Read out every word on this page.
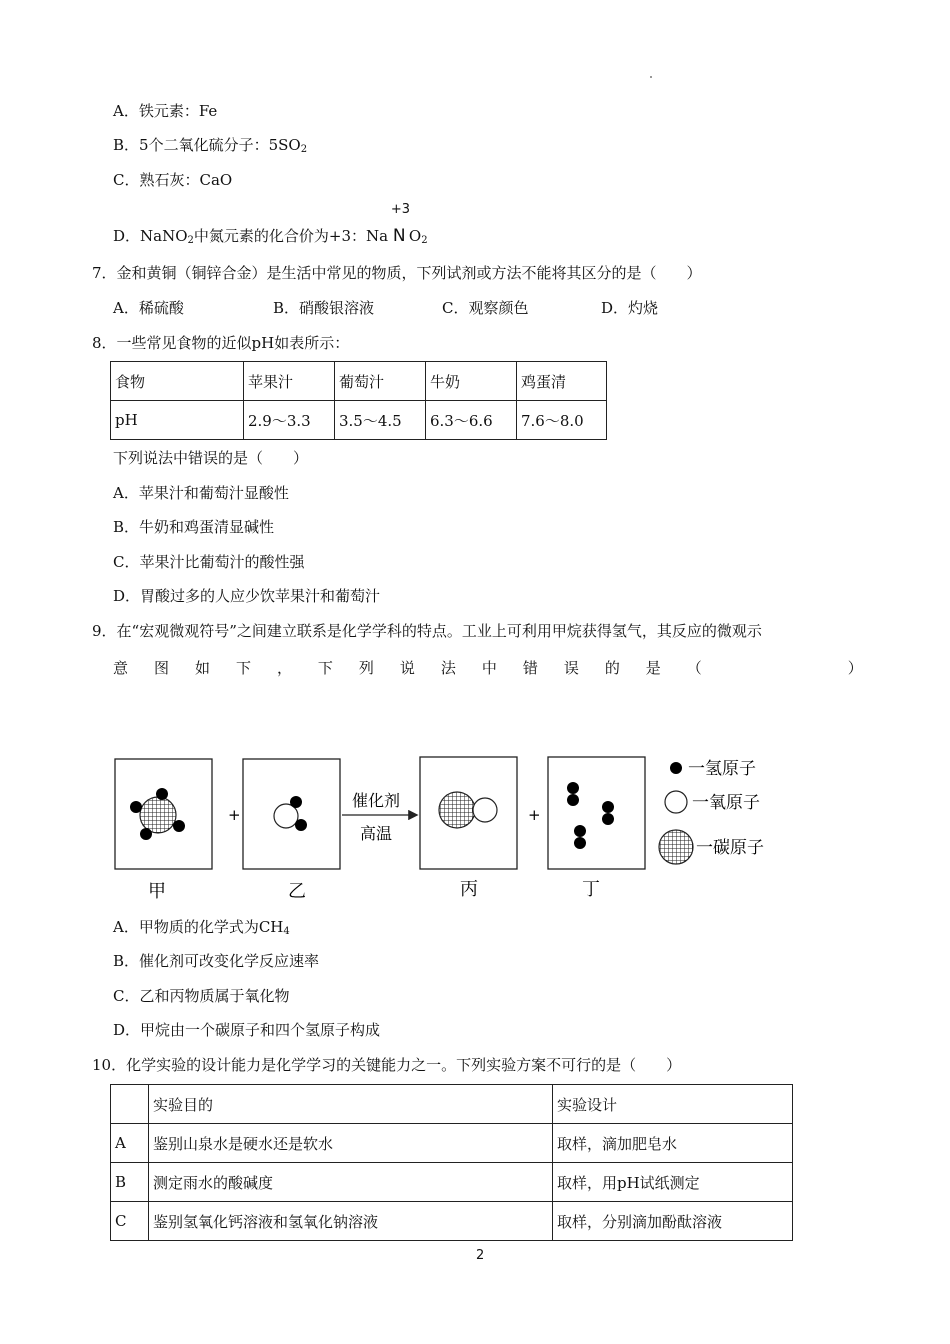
A．铁元素：Fe
B．5个二氧化硫分子：$5SO_2$
C．熟石灰：CaO
D．NaNO$_2$中氮元素的化合价为+3：Na
+3
N $O_2$
7．金和黄铜（铜锌合金）是生活中常见的物质，下列试剂或方法不能将其区分的是（　　）
A．稀硫酸	B．硝酸银溶液	C．观察颜色	D．灼烧
8．一些常见食物的近似pH如表所示：
食物	苹果汁	葡萄汁	牛奶	鸡蛋清
pH	2.9～3.3	3.5～4.5	6.3～6.6	7.6～8.0
下列说法中错误的是（　　）
A．苹果汁和葡萄汁显酸性
B．牛奶和鸡蛋清显碱性
C．苹果汁比葡萄汁的酸性强
D．胃酸过多的人应少饮苹果汁和葡萄汁
9．在“宏观微观符号”之间建立联系是化学学科的特点。工业上可利用甲烷获得氢气，其反应的微观示
意 图 如 下 ， 下 列 说 法 中 错 误 的 是 （	）
+
催化剂
高温
+
甲	乙	丙	丁
一氢原子
一氧原子
一碳原子
A．甲物质的化学式为$CH_4$
B．催化剂可改变化学反应速率
C．乙和丙物质属于氧化物
D．甲烷由一个碳原子和四个氢原子构成
10．化学实验的设计能力是化学学习的关键能力之一。下列实验方案不可行的是（　　）
	实验目的	实验设计
A	鉴别山泉水是硬水还是软水	取样，滴加肥皂水
B	测定雨水的酸碱度	取样，用pH试纸测定
C	鉴别氢氧化钙溶液和氢氧化钠溶液	取样，分别滴加酚酞溶液
2
